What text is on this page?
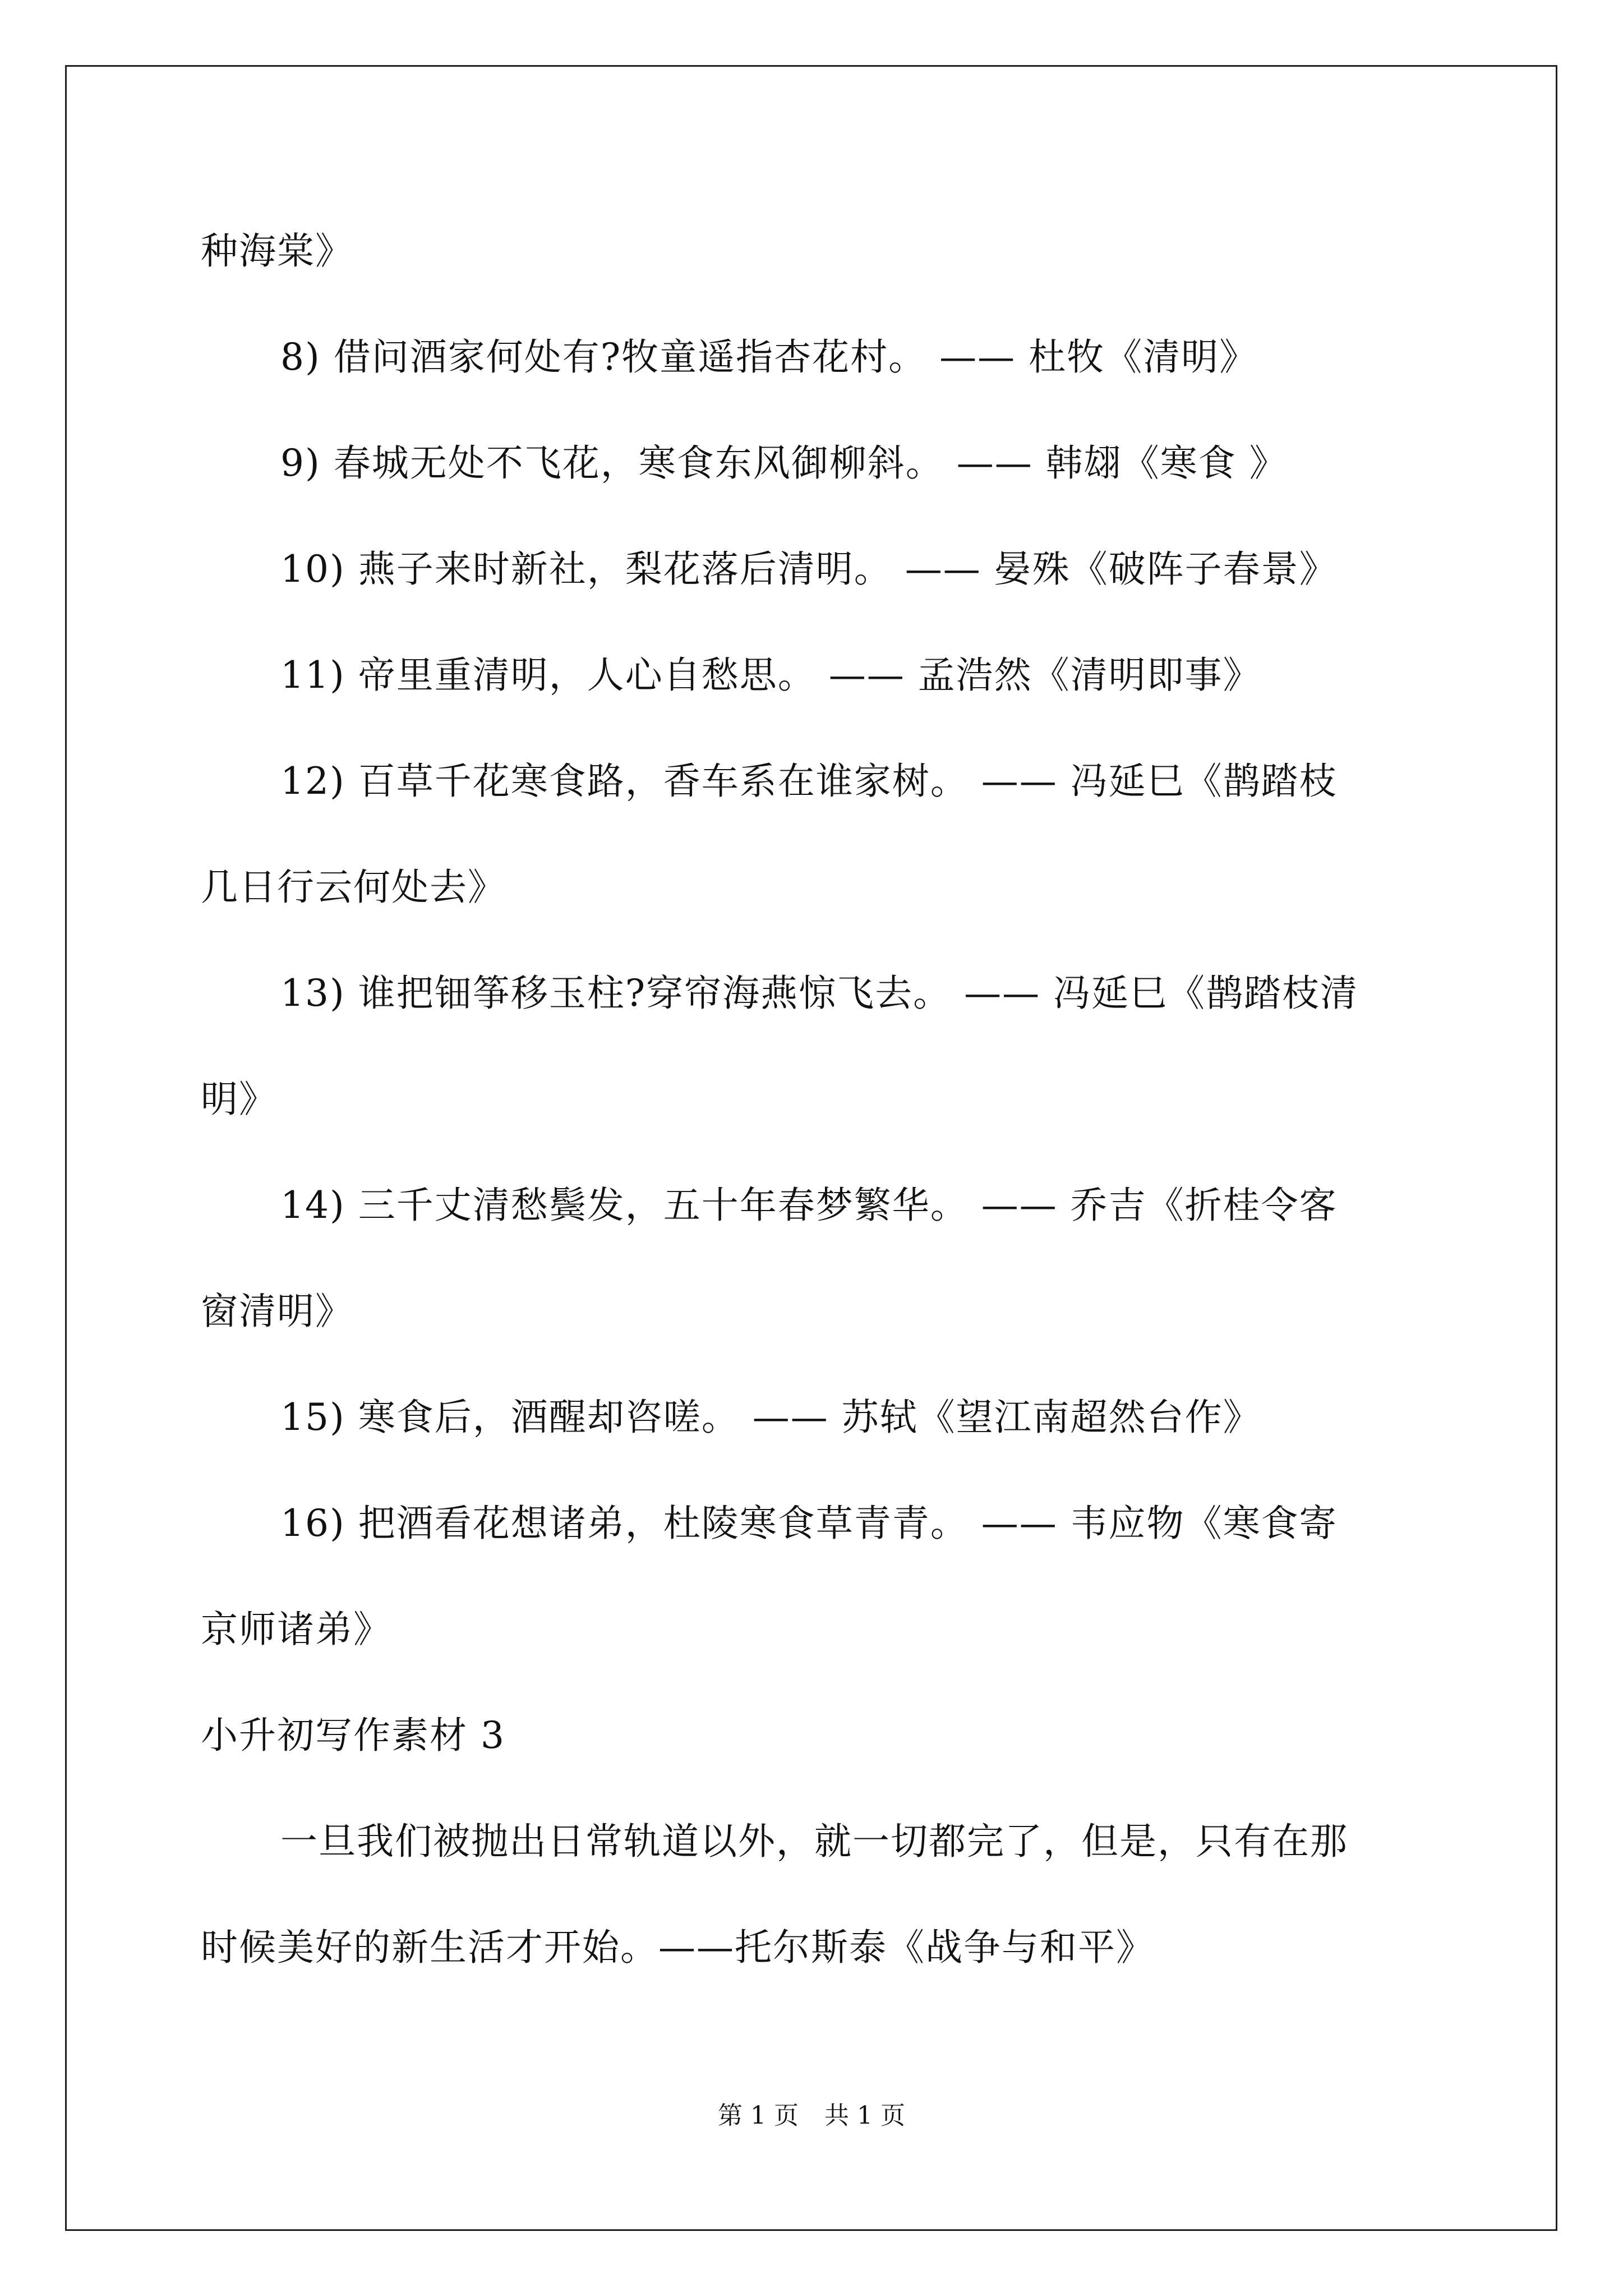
种海棠》
8) 借问酒家何处有?牧童遥指杏花村。 —— 杜牧《清明》
9) 春城无处不飞花，寒食东风御柳斜。 —— 韩翃《寒食 》
10) 燕子来时新社，梨花落后清明。 —— 晏殊《破阵子春景》
11) 帝里重清明，人心自愁思。 —— 孟浩然《清明即事》
12) 百草千花寒食路，香车系在谁家树。 —— 冯延巳《鹊踏枝
几日行云何处去》
13) 谁把钿筝移玉柱?穿帘海燕惊飞去。 —— 冯延巳《鹊踏枝清
明》
14) 三千丈清愁鬓发，五十年春梦繁华。 —— 乔吉《折桂令客
窗清明》
15) 寒食后，酒醒却咨嗟。 —— 苏轼《望江南超然台作》
16) 把酒看花想诸弟，杜陵寒食草青青。 —— 韦应物《寒食寄
京师诸弟》
小升初写作素材 3
一旦我们被抛出日常轨道以外，就一切都完了，但是，只有在那
时候美好的新生活才开始。——托尔斯泰《战争与和平》
第 1 页 共 1 页
